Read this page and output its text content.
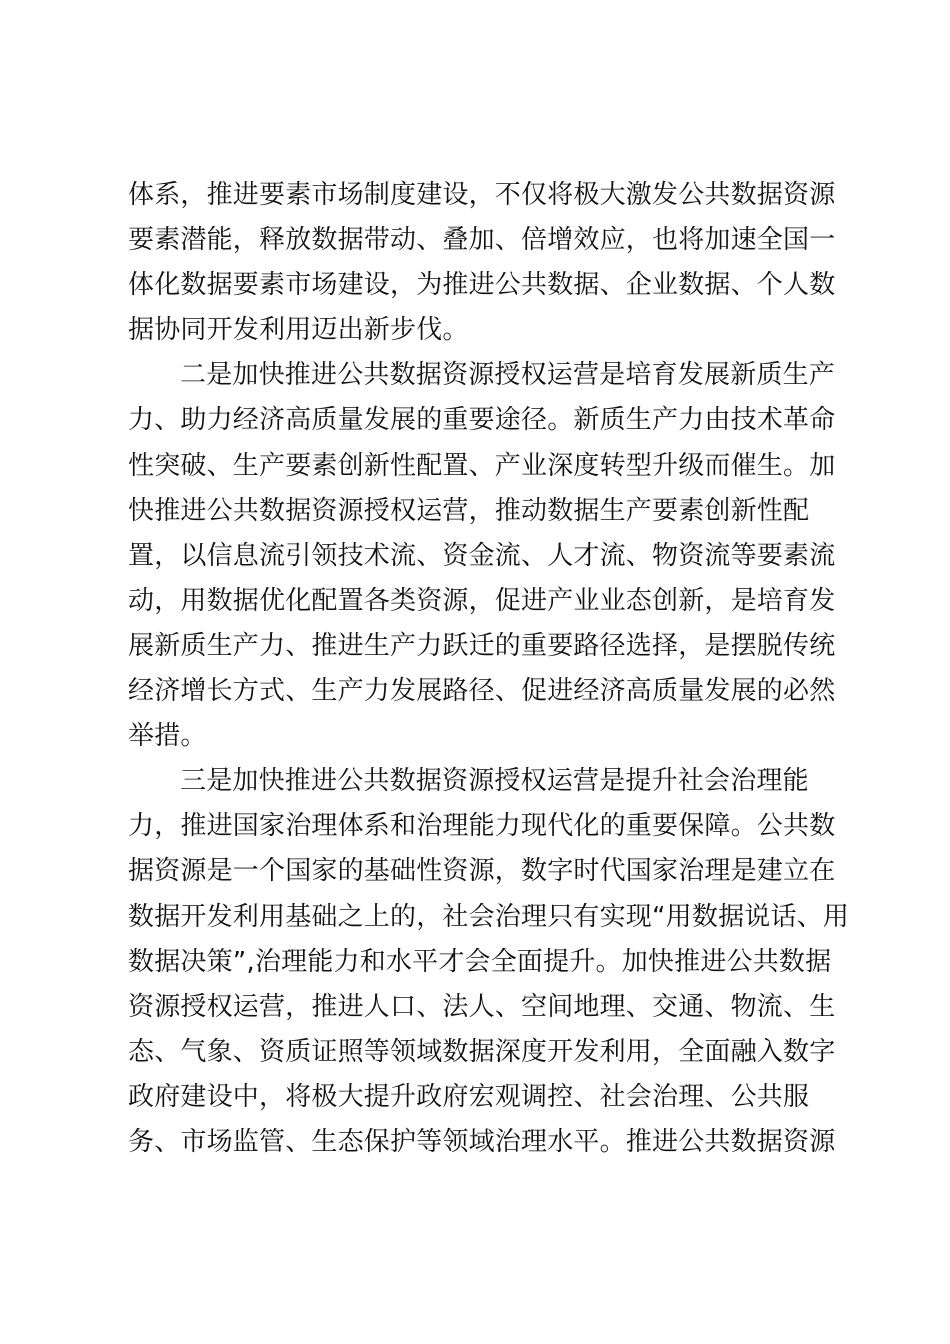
体系，推进要素市场制度建设，不仅将极大激发公共数据资源
要素潜能，释放数据带动、叠加、倍增效应，也将加速全国一
体化数据要素市场建设，为推进公共数据、企业数据、个人数
据协同开发利用迈出新步伐。
二是加快推进公共数据资源授权运营是培育发展新质生产
力、助力经济高质量发展的重要途径。新质生产力由技术革命
性突破、生产要素创新性配置、产业深度转型升级而催生。加
快推进公共数据资源授权运营，推动数据生产要素创新性配
置，以信息流引领技术流、资金流、人才流、物资流等要素流
动，用数据优化配置各类资源，促进产业业态创新，是培育发
展新质生产力、推进生产力跃迁的重要路径选择，是摆脱传统
经济增长方式、生产力发展路径、促进经济高质量发展的必然
举措。
三是加快推进公共数据资源授权运营是提升社会治理能
力，推进国家治理体系和治理能力现代化的重要保障。公共数
据资源是一个国家的基础性资源，数字时代国家治理是建立在
数据开发利用基础之上的，社会治理只有实现“用数据说话、用
数据决策”,治理能力和水平才会全面提升。加快推进公共数据
资源授权运营，推进人口、法人、空间地理、交通、物流、生
态、气象、资质证照等领域数据深度开发利用，全面融入数字
政府建设中，将极大提升政府宏观调控、社会治理、公共服
务、市场监管、生态保护等领域治理水平。推进公共数据资源
